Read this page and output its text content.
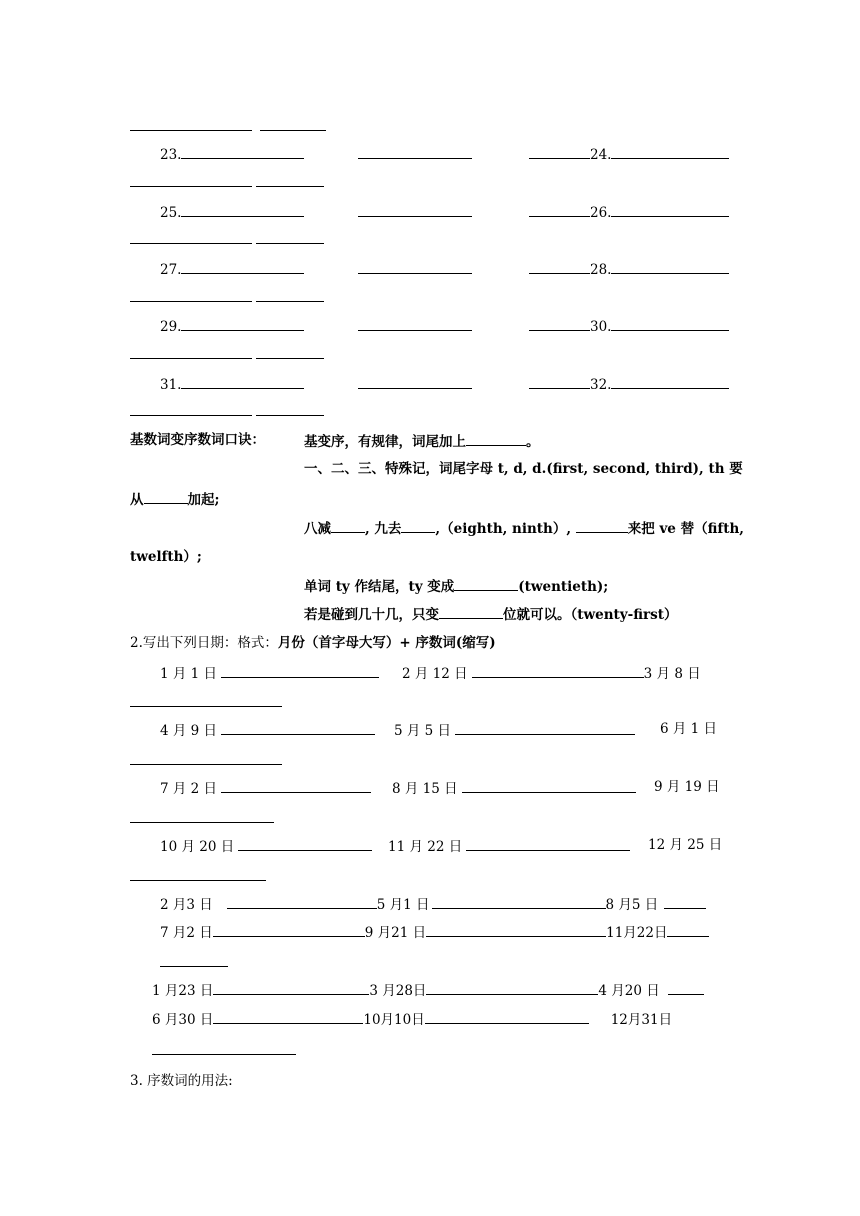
23.	24.
25.	26.
27.	28.
29.	30.
31.	32.
基数词变序数词口诀：	基变序，有规律，词尾加上	。
一、二、三、特殊记，词尾字母 t, d, d.(first, second, third), th 要
从	加起;
八减	, 九去	,（eighth, ninth）,	来把 ve 替（fifth,
twelfth）;
单词 ty 作结尾，ty 变成	(twentieth);
若是碰到几十几，只变	位就可以。（twenty-first）
2.写出下列日期：格式：月份（首字母大写）+ 序数词(缩写)
1 月 1 日	2 月 12 日	3 月 8 日
4 月 9 日	5 月 5 日	6 月 1 日
7 月 2 日	8 月 15 日	9 月 19 日
10 月 20 日	11 月 22 日	12 月 25 日
2 月3 日	5 月1 日	8 月5 日
7 月2 日	9 月21 日	11月22日
1 月23 日	3 月28日	4 月20 日
6 月30 日	10月10日	12月31日
3. 序数词的用法:
